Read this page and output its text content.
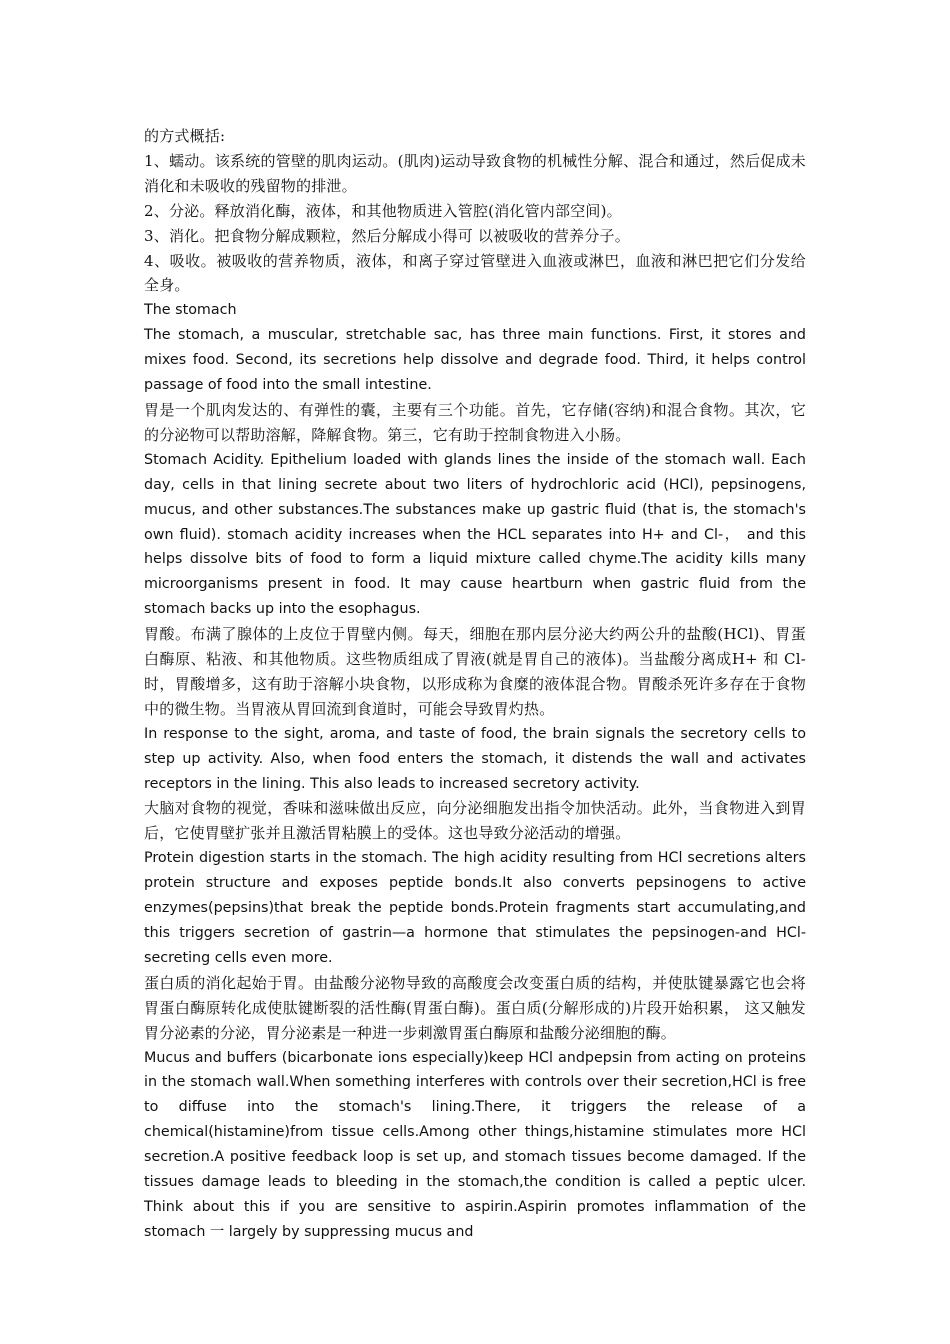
的方式概括:

1、蠕动。该系统的管壁的肌肉运动。(肌肉)运动导致食物的机械性分解、混合和通过，然后促成未消化和未吸收的残留物的排泄。

2、分泌。释放消化酶，液体，和其他物质进入管腔(消化管内部空间)。

3、消化。把食物分解成颗粒，然后分解成小得可 以被吸收的营养分子。

4、吸收。被吸收的营养物质，液体，和离子穿过管壁进入血液或淋巴，血液和淋巴把它们分发给全身。

The stomach

The stomach, a muscular, stretchable sac, has three main functions. First, it stores and mixes food. Second, its secretions help dissolve and degrade food. Third, it helps control passage of food into the small intestine.

胃是一个肌肉发达的、有弹性的囊，主要有三个功能。首先，它存储(容纳)和混合食物。其次，它的分泌物可以帮助溶解，降解食物。第三，它有助于控制食物进入小肠。

Stomach Acidity. Epithelium loaded with glands lines the inside of the stomach wall. Each day, cells in that lining secrete about two liters of hydrochloric acid (HCl), pepsinogens, mucus, and other substances.The substances make up gastric fluid (that is, the stomach's own fluid). stomach acidity increases when the HCL separates into H+ and Cl-， and this helps dissolve bits of food to form a liquid mixture called chyme.The acidity kills many microorganisms present in food. It may cause heartburn when gastric fluid from the stomach backs up into the esophagus.

胃酸。布满了腺体的上皮位于胃壁内侧。每天，细胞在那内层分泌大约两公升的盐酸(HCl)、胃蛋白酶原、粘液、和其他物质。这些物质组成了胃液(就是胃自己的液体)。当盐酸分离成H+ 和 Cl-时，胃酸增多，这有助于溶解小块食物，以形成称为食糜的液体混合物。胃酸杀死许多存在于食物中的微生物。当胃液从胃回流到食道时，可能会导致胃灼热。

In response to the sight, aroma, and taste of food, the brain signals the secretory cells to step up activity. Also, when food enters the stomach, it distends the wall and activates receptors in the lining. This also leads to increased secretory activity.

大脑对食物的视觉，香味和滋味做出反应，向分泌细胞发出指令加快活动。此外，当食物进入到胃后，它使胃壁扩张并且激活胃粘膜上的受体。这也导致分泌活动的增强。

Protein digestion starts in the stomach. The high acidity resulting from HCl secretions alters protein structure and exposes peptide bonds.It also converts pepsinogens to active enzymes(pepsins)that break the peptide bonds.Protein fragments start accumulating,and this triggers secretion of gastrin—a hormone that stimulates the pepsinogen-and HCl-secreting cells even more.

蛋白质的消化起始于胃。由盐酸分泌物导致的高酸度会改变蛋白质的结构，并使肽键暴露它也会将胃蛋白酶原转化成使肽键断裂的活性酶(胃蛋白酶)。蛋白质(分解形成的)片段开始积累， 这又触发胃分泌素的分泌，胃分泌素是一种进一步刺激胃蛋白酶原和盐酸分泌细胞的酶。

Mucus and buffers (bicarbonate ions especially)keep HCl andpepsin from acting on proteins in the stomach wall.When something interferes with controls over their secretion,HCl is free to diffuse into the stomach's lining.There, it triggers the release of a chemical(histamine)from tissue cells.Among other things,histamine stimulates more HCl secretion.A positive feedback loop is set up, and stomach tissues become damaged. If the tissues damage leads to bleeding in the stomach,the condition is called a peptic ulcer. Think about this if you are sensitive to aspirin.Aspirin promotes inflammation of the stomach 一 largely by suppressing mucus and
